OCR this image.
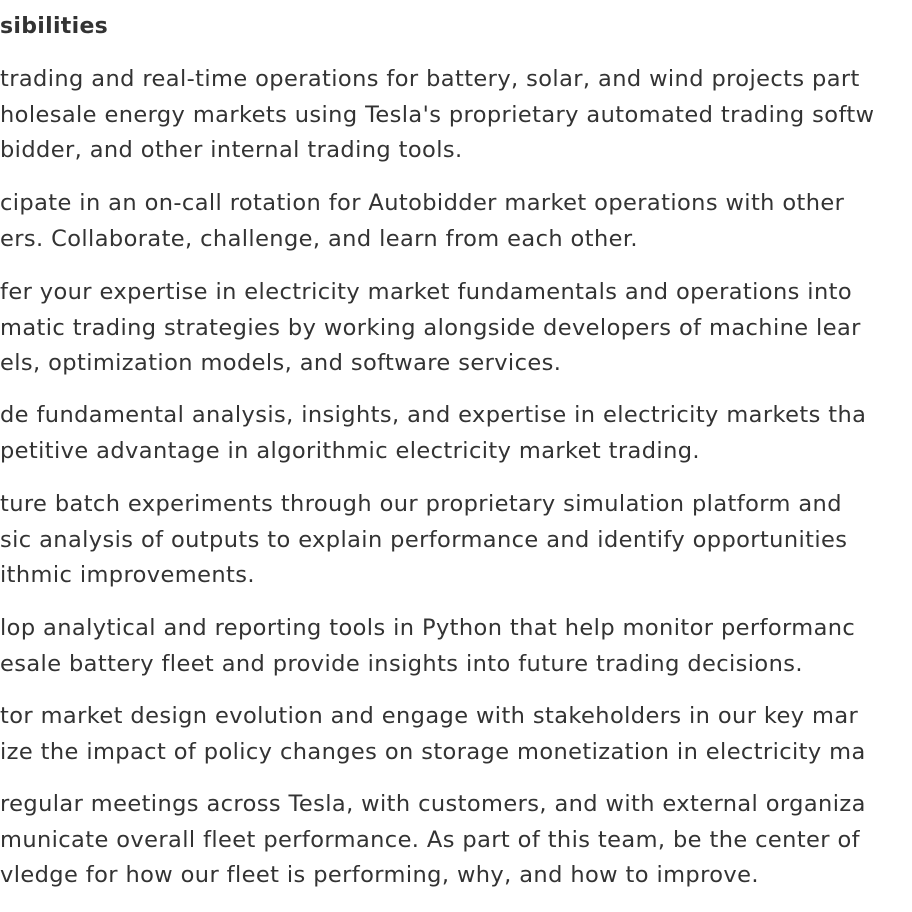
sibilities
trading and real-time operations for battery, solar, and wind projects part
holesale energy markets using Tesla's proprietary automated trading softw
bidder, and other internal trading tools.
cipate in an on-call rotation for Autobidder market operations with other
ers. Collaborate, challenge, and learn from each other.
fer your expertise in electricity market fundamentals and operations into
matic trading strategies by working alongside developers of machine lear
els, optimization models, and software services.
de fundamental analysis, insights, and expertise in electricity markets tha
petitive advantage in algorithmic electricity market trading.
ture batch experiments through our proprietary simulation platform and
sic analysis of outputs to explain performance and identify opportunities
ithmic improvements.
lop analytical and reporting tools in Python that help monitor performanc
esale battery fleet and provide insights into future trading decisions.
tor market design evolution and engage with stakeholders in our key mar
ize the impact of policy changes on storage monetization in electricity ma
regular meetings across Tesla, with customers, and with external organiza
municate overall fleet performance. As part of this team, be the center of
vledge for how our fleet is performing, why, and how to improve.
